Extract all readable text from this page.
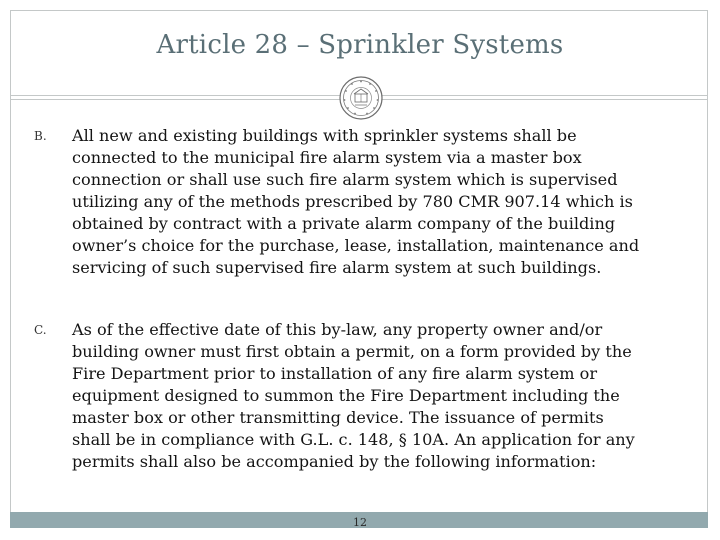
Article 28 – Sprinkler Systems
B. All new and existing buildings with sprinkler systems shall be
connected to the municipal fire alarm system via a master box
connection or shall use such fire alarm system which is supervised
utilizing any of the methods prescribed by 780 CMR 907.14 which is
obtained by contract with a private alarm company of the building
owner’s choice for the purchase, lease, installation, maintenance and
servicing of such supervised fire alarm system at such buildings.
C. As of the effective date of this by-law, any property owner and/or
building owner must first obtain a permit, on a form provided by the
Fire Department prior to installation of any fire alarm system or
equipment designed to summon the Fire Department including the
master box or other transmitting device. The issuance of permits
shall be in compliance with G.L. c. 148, § 10A. An application for any
permits shall also be accompanied by the following information:
12
